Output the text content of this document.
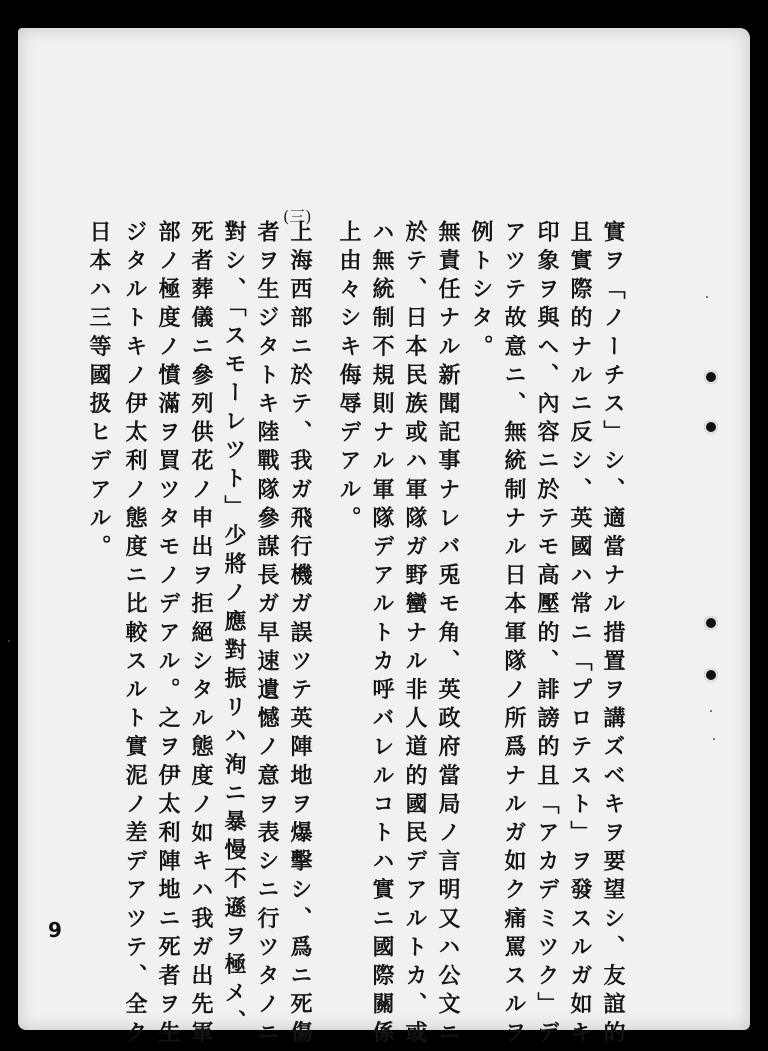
(三)
實ヲ「ノーチス」シ、適當ナル措置ヲ講ズベキヲ要望シ、友誼的
且實際的ナルニ反シ、英國ハ常ニ「プロテスト」ヲ發スルガ如キ
印象ヲ與ヘ、內容ニ於テモ高壓的、誹謗的且「アカデミツク」デ
アツテ故意ニ、無統制ナル日本軍隊ノ所爲ナルガ如ク痛罵スルヲ
例トシタ。
無責任ナル新聞記事ナレバ兎モ角、英政府當局ノ言明又ハ公文ニ
於テ、日本民族或ハ軍隊ガ野蠻ナル非人道的國民デアルトカ、或
ハ無統制不規則ナル軍隊デアルトカ呼バレルコトハ實ニ國際關係
上由々シキ侮辱デアル。
上海西部ニ於テ、我ガ飛行機ガ誤ツテ英陣地ヲ爆擊シ、爲ニ死傷
者ヲ生ジタトキ陸戰隊參謀長ガ早速遺憾ノ意ヲ表シニ行ツタノニ
對シ、「スモーレツト」少將ノ應對振リハ洵ニ暴慢不遜ヲ極メ、
死者葬儀ニ參列供花ノ申出ヲ拒絕シタル態度ノ如キハ我ガ出先軍
部ノ極度ノ憤滿ヲ買ツタモノデアル。之ヲ伊太利陣地ニ死者ヲ生
ジタルトキノ伊太利ノ態度ニ比較スルト實泥ノ差デアツテ、全ク
日本ハ三等國扱ヒデアル。
9
